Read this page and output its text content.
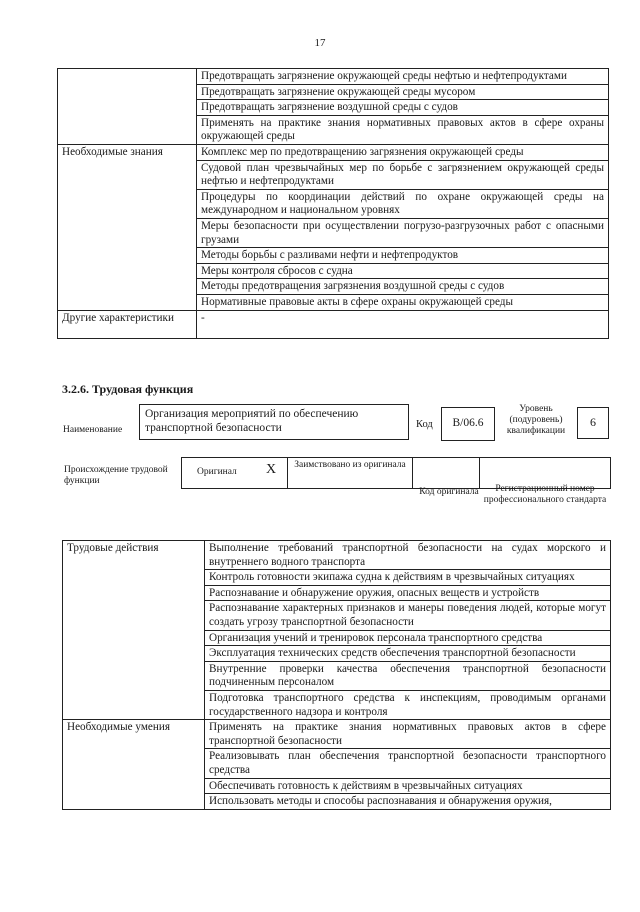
17
	Предотвращать загрязнение окружающей среды нефтью и нефтепродуктами
	Предотвращать загрязнение окружающей среды мусором
	Предотвращать загрязнение воздушной среды с судов
	Применять на практике знания нормативных правовых актов в сфере охраны окружающей среды
Необходимые знания	Комплекс мер по предотвращению загрязнения окружающей среды
	Судовой план чрезвычайных мер по борьбе с загрязнением окружающей среды нефтью и нефтепродуктами
	Процедуры по координации действий по охране окружающей среды на международном и национальном уровнях
	Меры безопасности при осуществлении погрузо-разгрузочных работ с опасными грузами
	Методы борьбы с разливами нефти и нефтепродуктов
	Меры контроля сбросов с судна
	Методы предотвращения загрязнения воздушной среды с судов
	Нормативные правовые акты в сфере охраны окружающей среды
Другие характеристики	-
3.2.6. Трудовая функция
Наименование
Организация мероприятий по обеспечению транспортной безопасности	Код B/06.6
Уровень (подуровень) квалификации
6
Происхождение трудовой функции
Оригинал X	Заимствовано из оригинала
Код оригинала	Регистрационный номер профессионального стандарта
Трудовые действия	Выполнение требований транспортной безопасности на судах морского и внутреннего водного транспорта
	Контроль готовности экипажа судна к действиям в чрезвычайных ситуациях
	Распознавание и обнаружение оружия, опасных веществ и устройств
	Распознавание характерных признаков и манеры поведения людей, которые могут создать угрозу транспортной безопасности
	Организация учений и тренировок персонала транспортного средства
	Эксплуатация технических средств обеспечения транспортной безопасности
	Внутренние проверки качества обеспечения транспортной безопасности подчиненным персоналом
	Подготовка транспортного средства к инспекциям, проводимым органами государственного надзора и контроля
Необходимые умения	Применять на практике знания нормативных правовых актов в сфере транспортной безопасности
	Реализовывать план обеспечения транспортной безопасности транспортного средства
	Обеспечивать готовность к действиям в чрезвычайных ситуациях
	Использовать методы и способы распознавания и обнаружения оружия,
